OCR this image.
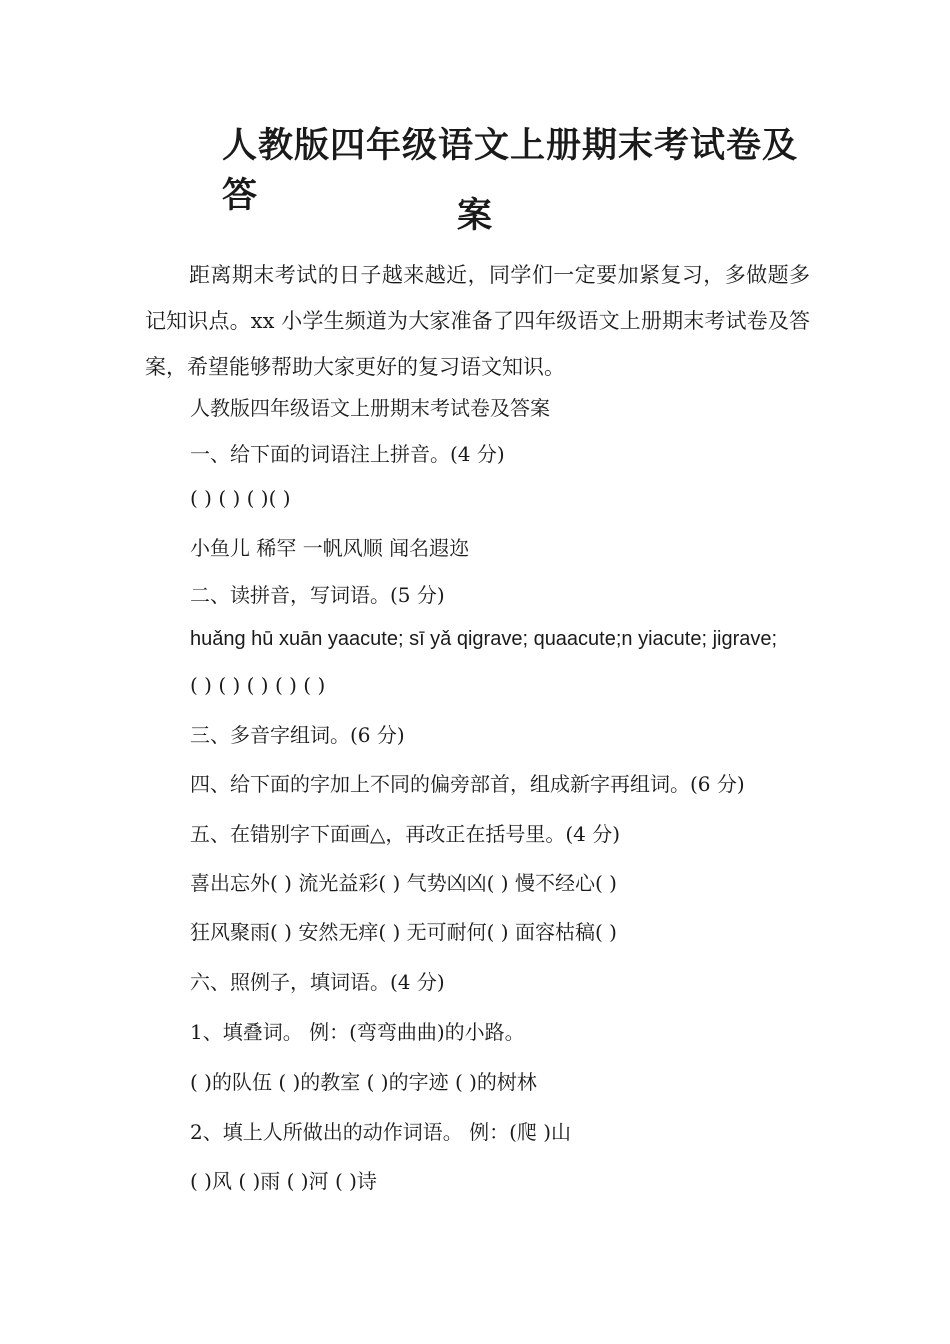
人教版四年级语文上册期末考试卷及答	案

距离期末考试的日子越来越近，同学们一定要加紧复习，多做题多记知识点。xx 小学生频道为大家准备了四年级语文上册期末考试卷及答案，希望能够帮助大家更好的复习语文知识。

人教版四年级语文上册期末考试卷及答案

一、给下面的词语注上拼音。(4 分)

( ) ( ) ( )( )

小鱼儿 稀罕 一帆风顺 闻名遐迩

二、读拼音，写词语。(5 分)

huǎng hū xuān yaacute; sī yǎ qigrave; quaacute;n yiacute; jigrave;

( ) ( ) ( ) ( ) ( )

三、多音字组词。(6 分)

四、给下面的字加上不同的偏旁部首，组成新字再组词。(6 分)

五、在错别字下面画△，再改正在括号里。(4 分)

喜出忘外( ) 流光益彩( ) 气势凶凶( ) 慢不经心( )

狂风聚雨( ) 安然无痒( ) 无可耐何( ) 面容枯稿( )

六、照例子，填词语。(4 分)

1、填叠词。 例：(弯弯曲曲)的小路。

( )的队伍 ( )的教室 ( )的字迹 ( )的树林

2、填上人所做出的动作词语。 例：(爬 )山

( )风 ( )雨 ( )河 ( )诗
